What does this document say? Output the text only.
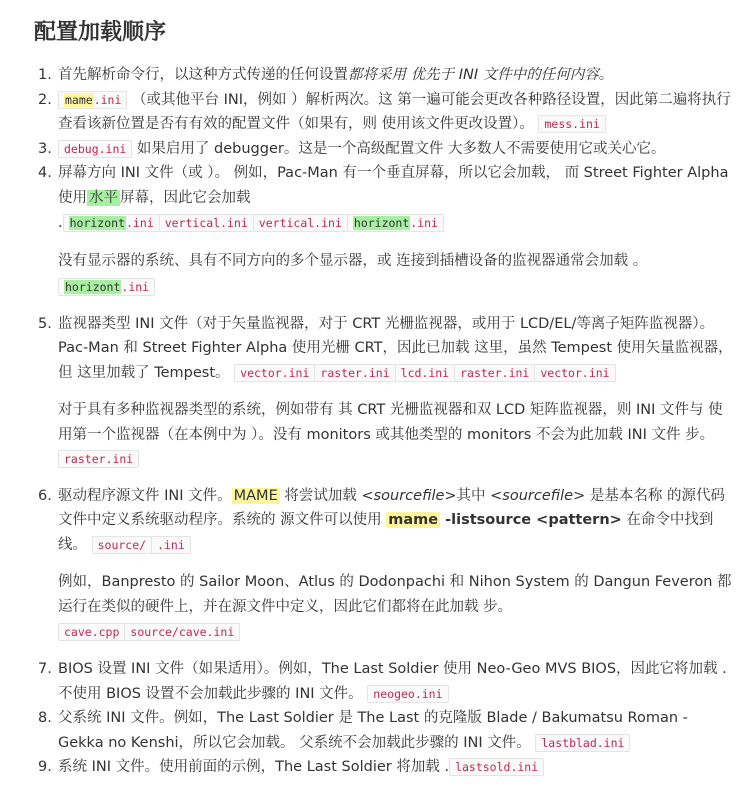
配置加载顺序
1. 首先解析命令行，以这种方式传递的任何设置都将采用 优先于 INI 文件中的任何内容。
2. mame.ini （或其他平台 INI，例如 ）解析两次。这 第一遍可能会更改各种路径设置，因此第二遍将执行 查看该新位置是否有有效的配置文件（如果有，则 使用该文件更改设置）。 mess.ini
3. debug.ini 如果启用了 debugger。这是一个高级配置文件 大多数人不需要使用它或关心它。
4. 屏幕方向 INI 文件（或 ）。 例如，Pac-Man 有一个垂直屏幕，所以它会加载， 而 Street Fighter Alpha 使用 水平 屏幕，因此它会加载
. horizont.ini vertical.ini vertical.ini horizont.ini
没有显示器的系统、具有不同方向的多个显示器，或 连接到插槽设备的监视器通常会加载 。
horizont.ini
5. 监视器类型 INI 文件（对于矢量监视器，对于 CRT 光栅监视器，或用于 LCD/EL/等离子矩阵监视器）。 Pac-Man 和 Street Fighter Alpha 使用光栅 CRT，因此已加载 这里，虽然 Tempest 使用矢量监视器，但 这里加载了 Tempest。 vector.ini raster.ini lcd.ini raster.ini vector.ini
对于具有多种监视器类型的系统，例如带有 其 CRT 光栅监视器和双 LCD 矩阵监视器，则 INI 文件与 使用第一个监视器（在本例中为 ）。没有 monitors 或其他类型的 monitors 不会为此加载 INI 文件 步。 raster.ini
6. 驱动程序源文件 INI 文件。 MAME 将尝试加载 <sourcefile>其中 <sourcefile> 是基本名称 的源代码文件中定义系统驱动程序。系统的 源文件可以使用 mame -listsource <pattern> 在命令中找到线。 source/ .ini
例如，Banpresto 的 Sailor Moon、Atlus 的 Dodonpachi 和 Nihon System 的 Dangun Feveron 都运行在类似的硬件上，并在源文件中定义，因此它们都将在此加载 步。
cave.cpp source/cave.ini
7. BIOS 设置 INI 文件（如果适用）。例如，The Last Soldier 使用 Neo-Geo MVS BIOS，因此它将加载 .不使用 BIOS 设置不会加载此步骤的 INI 文件。 neogeo.ini
8. 父系统 INI 文件。例如，The Last Soldier 是 The Last 的克隆版 Blade / Bakumatsu Roman - Gekka no Kenshi，所以它会加载。 父系统不会加载此步骤的 INI 文件。 lastblad.ini
9. 系统 INI 文件。使用前面的示例，The Last Soldier 将加载 . lastsold.ini
